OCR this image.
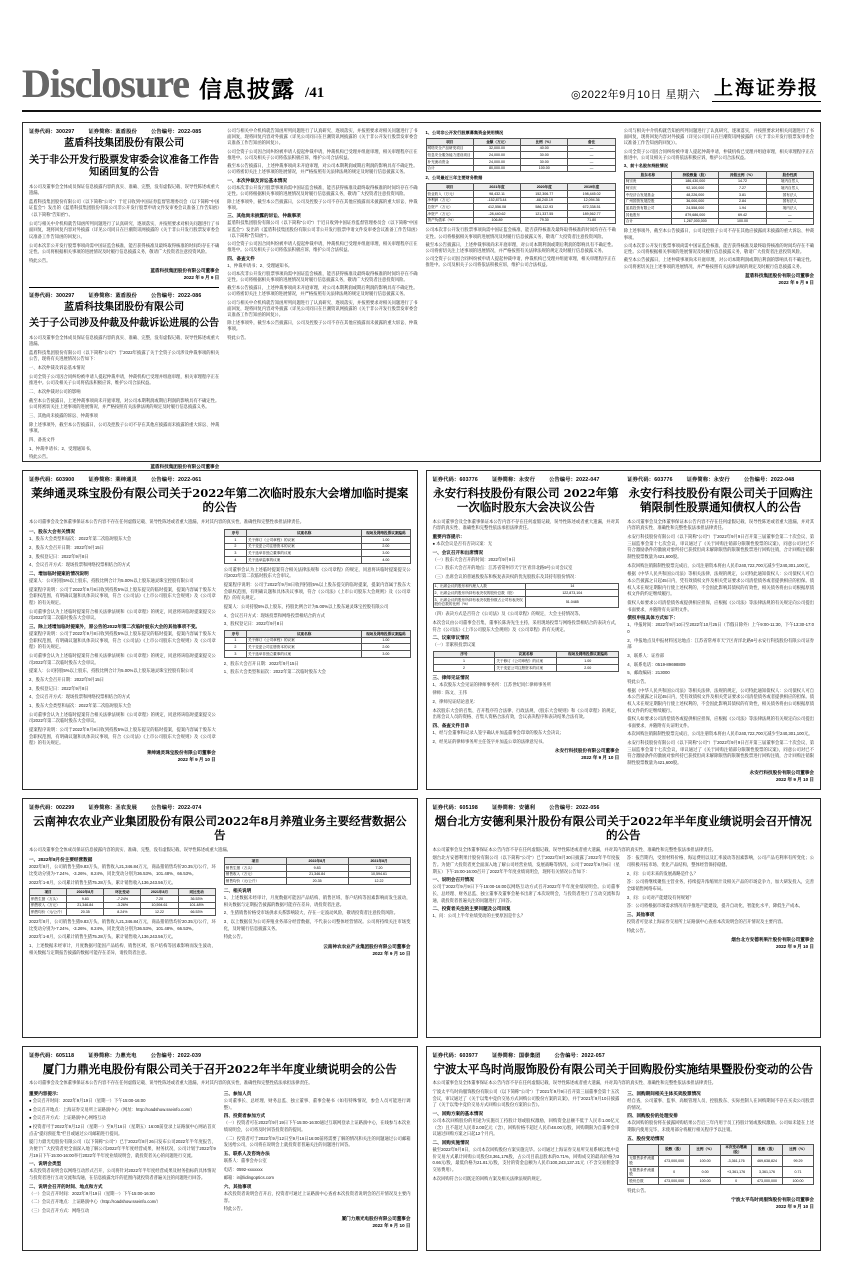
Disclosure 信息披露 /41	◎2022年9月10日 星期六 上海证券报
证券代码：300297	证券简称：蓝盾股份	公告编号：2022-085
蓝盾科技集团股份有限公司
关于非公开发行股票发审委会议准备工作告知函回复的公告

本公司及董事会全体成员保证信息披露内容的真实、准确、完整，没有虚假记载、误导性陈述或重大遗漏。

蓝盾科技集团股份有限公司（以下简称"公司"）于近日收到中国证券监督管理委员会（以下简称"中国证监会"）发出的《蓝盾科技集团股份有限公司非公开发行股票申请文件发审委会议准备工作告知函》（以下简称"告知函"）。

公司与相关中介机构就告知函所列问题进行了认真研究、逐项落实，并按照要求对相关问题进行了书面回复，现将回复内容对外披露（详见公司同日在巨潮资讯网披露的《关于非公开发行股票发审委会议准备工作告知函的回复》）。

公司本次非公开发行股票事项尚需中国证监会核准，能否获得核准及最终取得核准的时间均存在不确定性。公司将根据相关事项的进展情况及时履行信息披露义务，敬请广大投资者注意投资风险。

特此公告。

蓝盾科技集团股份有限公司董事会
2022 年 9 月 9 日
证券代码：300297	证券简称：蓝盾股份	公告编号：2022-086
蓝盾科技集团股份有限公司
关于子公司涉及仲裁及仲裁诉讼进展的公告

本公司及董事会全体成员保证信息披露内容的真实、准确、完整，没有虚假记载、误导性陈述或重大遗漏。

蓝盾科技集团股份有限公司（以下简称"公司"）于2022年披露了关于全资子公司涉及仲裁事项的相关公告，现将有关进展情况公告如下：

一、本次仲裁及诉讼基本情况

公司全资子公司因合同纠纷被申请人提起仲裁申请，仲裁机构已受理并组庭审理，相关审理程序正在推进中。公司及相关子公司将依法积极应诉，维护公司合法权益。

二、本次仲裁对公司的影响

截至本公告披露日，上述仲裁事项尚未开庭审理，对公司本期利润或期后利润的影响具有不确定性。公司将密切关注上述事项的进展情况，并严格按照有关法律法规的规定及时履行信息披露义务。

三、其他尚未披露的诉讼、仲裁事项

除上述事项外，截至本公告披露日，公司及控股子公司不存在其他应披露而未披露的重大诉讼、仲裁事项。

四、备查文件

1、仲裁申请书；2、受理通知书。

特此公告。

蓝盾科技集团股份有限公司董事会

公司与相关中介机构就告知函所列问题进行了认真研究、逐项落实，并按照要求对相关问题进行了书面回复，现将回复内容对外披露（详见公司同日在巨潮资讯网披露的《关于非公开发行股票发审委会议准备工作告知函的回复》）。

公司全资子公司因合同纠纷被申请人提起仲裁申请，仲裁机构已受理并组庭审理，相关审理程序正在推进中。公司及相关子公司将依法积极应诉，维护公司合法权益。

截至本公告披露日，上述仲裁事项尚未开庭审理，对公司本期利润或期后利润的影响具有不确定性。公司将密切关注上述事项的进展情况，并严格按照有关法律法规的规定及时履行信息披露义务。

一、本次仲裁及诉讼基本情况

公司本次非公开发行股票事项尚需中国证监会核准，能否获得核准及最终取得核准的时间均存在不确定性。公司将根据相关事项的进展情况及时履行信息披露义务，敬请广大投资者注意投资风险。

除上述事项外，截至本公告披露日，公司及控股子公司不存在其他应披露而未披露的重大诉讼、仲裁事项。

三、其他尚未披露的诉讼、仲裁事项

蓝盾科技集团股份有限公司（以下简称"公司"）于近日收到中国证券监督管理委员会（以下简称"中国证监会"）发出的《蓝盾科技集团股份有限公司非公开发行股票申请文件发审委会议准备工作告知函》（以下简称"告知函"）。

公司全资子公司因合同纠纷被申请人提起仲裁申请，仲裁机构已受理并组庭审理，相关审理程序正在推进中。公司及相关子公司将依法积极应诉，维护公司合法权益。

四、备查文件

1、仲裁申请书；2、受理通知书。

公司本次非公开发行股票事项尚需中国证监会核准，能否获得核准及最终取得核准的时间均存在不确定性。公司将根据相关事项的进展情况及时履行信息披露义务，敬请广大投资者注意投资风险。

截至本公告披露日，上述仲裁事项尚未开庭审理，对公司本期利润或期后利润的影响具有不确定性。公司将密切关注上述事项的进展情况，并严格按照有关法律法规的规定及时履行信息披露义务。

公司与相关中介机构就告知函所列问题进行了认真研究、逐项落实，并按照要求对相关问题进行了书面回复，现将回复内容对外披露（详见公司同日在巨潮资讯网披露的《关于非公开发行股票发审委会议准备工作告知函的回复》）。

除上述事项外，截至本公告披露日，公司及控股子公司不存在其他应披露而未披露的重大诉讼、仲裁事项。

特此公告。

1、公司非公开发行股票募集资金使用情况
项目	金额（万元）	比例（%）	备注
网络安全产品研发项目	32,000.00	40.00	—
信息安全服务能力建设项目	24,000.00	30.00	—
补充流动资金	24,000.00	30.00	—
合计	80,000.00	100.00	—
2、公司最近三年主要财务数据
项目	2021年度	2020年度	2019年度
营业收入（万元）	98,432.11	152,306.77	198,445.02
净利润（万元）	-152,873.44	-68,240.19	12,094.36
总资产（万元）	412,556.08	586,112.93	672,338.51
净资产（万元）	-28,440.62	121,337.55	189,562.77
资产负债率（%）	106.89	79.30	71.80

公司本次非公开发行股票事项尚需中国证监会核准，能否获得核准及最终取得核准的时间均存在不确定性。公司将根据相关事项的进展情况及时履行信息披露义务，敬请广大投资者注意投资风险。

截至本公告披露日，上述仲裁事项尚未开庭审理，对公司本期利润或期后利润的影响具有不确定性。公司将密切关注上述事项的进展情况，并严格按照有关法律法规的规定及时履行信息披露义务。

公司全资子公司因合同纠纷被申请人提起仲裁申请，仲裁机构已受理并组庭审理，相关审理程序正在推进中。公司及相关子公司将依法积极应诉，维护公司合法权益。

公司与相关中介机构就告知函所列问题进行了认真研究、逐项落实，并按照要求对相关问题进行了书面回复，现将回复内容对外披露（详见公司同日在巨潮资讯网披露的《关于非公开发行股票发审委会议准备工作告知函的回复》）。

公司全资子公司因合同纠纷被申请人提起仲裁申请，仲裁机构已受理并组庭审理，相关审理程序正在推进中。公司及相关子公司将依法积极应诉，维护公司合法权益。

3、前十名股东持股情况
股东名称	持股数量（股）	持股比例（%）	股份性质
柯宗贵	186,430,000	14.72	境内自然人
柯宗庆	92,100,000	7.27	境内自然人
中经济合发展基金	48,226,000	3.81	国有法人
广州国资发展控股	36,000,000	2.84	国有法人
蓝盾投资有限公司	24,558,000	1.94	境内法人
其他股东	879,686,000	69.42	—
合计	1,267,000,000	100.00	—

除上述事项外，截至本公告披露日，公司及控股子公司不存在其他应披露而未披露的重大诉讼、仲裁事项。

公司本次非公开发行股票事项尚需中国证监会核准，能否获得核准及最终取得核准的时间均存在不确定性。公司将根据相关事项的进展情况及时履行信息披露义务，敬请广大投资者注意投资风险。

截至本公告披露日，上述仲裁事项尚未开庭审理，对公司本期利润或期后利润的影响具有不确定性。公司将密切关注上述事项的进展情况，并严格按照有关法律法规的规定及时履行信息披露义务。

蓝盾科技集团股份有限公司董事会
2022 年 9 月 9 日
证券代码：603900	证券简称：莱绅通灵	公告编号：2022-061
莱绅通灵珠宝股份有限公司关于2022年第二次临时股东大会增加临时提案的公告

本公司董事会及全体董事保证本公告内容不存在任何虚假记载、误导性陈述或者重大遗漏，并对其内容的真实性、准确性和完整性承担法律责任。

一、股东大会有关情况

1、股东大会类型和届次：2022年第二次临时股东大会

2、股东大会召开日期：2022年9月15日

3、股权登记日：2022年9月8日

4、会议召开方式：现场投票和网络投票相结合的方式

二、增加临时提案的情况说明

提案人：公司持股5%以上股东，持股比例合计为5.00%以上股东通灵珠宝控股有限公司

提案程序说明：公司于2022年9月8日收到持股5%以上股东提交的临时提案，提案内容属于股东大会职权范围，有明确议题和具体决议事项，符合《公司法》《上市公司股东大会规则》及《公司章程》的有关规定。

公司董事会认为上述临时提案符合相关法律法规和《公司章程》的规定，同意将该临时提案提交公司2022年第二次临时股东大会审议。

三、除上述增加临时提案外，原公告的2022年第二次临时股东大会的其他事项不变。

提案程序说明：公司于2022年9月8日收到持股5%以上股东提交的临时提案，提案内容属于股东大会职权范围，有明确议题和具体决议事项，符合《公司法》《上市公司股东大会规则》及《公司章程》的有关规定。

公司董事会认为上述临时提案符合相关法律法规和《公司章程》的规定，同意将该临时提案提交公司2022年第二次临时股东大会审议。

提案人：公司持股5%以上股东，持股比例合计为5.00%以上股东通灵珠宝控股有限公司

2、股东大会召开日期：2022年9月15日

3、股权登记日：2022年9月8日

4、会议召开方式：现场投票和网络投票相结合的方式

1、股东大会类型和届次：2022年第二次临时股东大会

公司董事会认为上述临时提案符合相关法律法规和《公司章程》的规定，同意将该临时提案提交公司2022年第二次临时股东大会审议。

提案程序说明：公司于2022年9月8日收到持股5%以上股东提交的临时提案，提案内容属于股东大会职权范围，有明确议题和具体决议事项，符合《公司法》《上市公司股东大会规则》及《公司章程》的有关规定。

莱绅通灵珠宝股份有限公司董事会
2022 年 9 月 10 日
序号	议案名称	现场及网络投票议案编码
1	关于修订《公司章程》的议案	1.00
2	关于变更公司注册资本的议案	2.00
3	关于选举非独立董事的议案	3.00
4	关于选举监事的议案	4.00

公司董事会认为上述临时提案符合相关法律法规和《公司章程》的规定，同意将该临时提案提交公司2022年第二次临时股东大会审议。

提案程序说明：公司于2022年9月8日收到持股5%以上股东提交的临时提案，提案内容属于股东大会职权范围，有明确议题和具体决议事项，符合《公司法》《上市公司股东大会规则》及《公司章程》的有关规定。

提案人：公司持股5%以上股东，持股比例合计为5.00%以上股东通灵珠宝控股有限公司

4、会议召开方式：现场投票和网络投票相结合的方式

3、股权登记日：2022年9月8日

序号	议案名称	现场及网络投票议案编码
1	关于修订《公司章程》的议案	1.00
2	关于变更公司注册资本的议案	2.00
3	关于选举非独立董事的议案	3.00

2、股东大会召开日期：2022年9月15日

1、股东大会类型和届次：2022年第二次临时股东大会

证券代码：603776	证券简称：永安行	公告编号：2022-047
永安行科技股份有限公司 2022年第一次临时股东大会决议公告

本公司董事会及全体董事保证本公告内容不存在任何虚假记载、误导性陈述或者重大遗漏，并对其内容的真实性、准确性和完整性依法承担法律责任。

重要内容提示：

● 本次会议是否有否决议案：无

一、会议召开和出席情况

（一）股东大会召开的时间：2022年9月9日

（二）股东大会召开的地点：江苏省常州市天宁区青洋北路9号公司会议室

（三）出席会议的普通股股东和恢复表决权的优先股股东及其持有股份情况：

1、出席会议的股东和代理人人数	14
2、出席会议的股东所持有表决权的股份总数（股）	122,873,104
3、出席会议的股东所持有表决权股份数占公司有表决权股份总数的比例（%）	51.0485

（四）表决方式是否符合《公司法》及《公司章程》的规定，大会主持情况等。

本次会议由公司董事会召集，董事长陈涛先生主持，采用现场投票与网络投票相结合的表决方式，符合《公司法》《上市公司股东大会规则》及《公司章程》的有关规定。

二、议案审议情况

（一）非累积投票议案

序号	议案名称	现场及网络投票议案编码
1	关于修订《公司章程》的议案	1.00
2	关于变更公司注册资本的议案	2.00
三、律师见证情况

1、本次股东大会见证的律师事务所：江苏世纪同仁律师事务所

律师：陈文、王伟

2、律师见证结论意见：

本次股东大会的召集、召开程序符合法律、行政法规、《股东大会规则》和《公司章程》的规定，出席会议人员的资格、召集人资格合法有效，会议表决程序和表决结果合法有效。

四、备查文件目录

1、经与会董事和记录人签字确认并加盖董事会印章的股东大会决议；

2、经见证的律师事务所主任签字并加盖公章的法律意见书。

永安行科技股份有限公司董事会
2022 年 9 月 10 日
证券代码：603776	证券简称：永安行	公告编号：2022-048
永安行科技股份有限公司关于回购注销限制性股票通知债权人的公告

本公司董事会及全体董事保证本公告内容不存在任何虚假记载、误导性陈述或者重大遗漏，并对其内容的真实性、准确性和完整性依法承担法律责任。

永安行科技股份有限公司（以下简称"公司"）于2022年9月9日召开第三届董事会第二十次会议、第三届监事会第十七次会议，审议通过了《关于回购注销部分限制性股票的议案》，同意公司对已不符合激励条件的激励对象所持已获授但尚未解除限售的限制性股票进行回购注销，合计回购注销限制性股票数量为421,600股。

本次回购注销限制性股票完成后，公司注册资本将由人民币240,722,700元减少至240,301,100元。

根据《中华人民共和国公司法》等相关法律、法规的规定，公司特此通知债权人：公司债权人可自本公告披露之日起45日内，凭有效债权文件及相关凭证要求公司清偿债务或者提供相应的担保。债权人未在规定期限内行使上述权利的，不会因此影响其债权的有效性，相关债务将由公司根据原债权文件的约定继续履行。

债权人如要求公司清偿债务或提供相应担保，应根据《公司法》等法律法规的有关规定向公司提出书面要求，并随附有关证明文件。

债权申报具体方式如下：

1、申报时间：2022年9月10日至2022年10月25日（节假日除外）上午9:00-11:30，下午13:30-17:00

2、申报地点及申报材料送达地点：江苏省常州市天宁区青洋北路9号永安行科技股份有限公司证券部

3、联系人：证券部

4、联系电话：0519-89698809

5、邮政编码：213000

特此公告。

根据《中华人民共和国公司法》等相关法律、法规的规定，公司特此通知债权人：公司债权人可自本公告披露之日起45日内，凭有效债权文件及相关凭证要求公司清偿债务或者提供相应的担保。债权人未在规定期限内行使上述权利的，不会因此影响其债权的有效性，相关债务将由公司根据原债权文件的约定继续履行。

债权人如要求公司清偿债务或提供相应担保，应根据《公司法》等法律法规的有关规定向公司提出书面要求，并随附有关证明文件。

本次回购注销限制性股票完成后，公司注册资本将由人民币240,722,700元减少至240,301,100元。

永安行科技股份有限公司（以下简称"公司"）于2022年9月9日召开第三届董事会第二十次会议、第三届监事会第十七次会议，审议通过了《关于回购注销部分限制性股票的议案》，同意公司对已不符合激励条件的激励对象所持已获授但尚未解除限售的限制性股票进行回购注销，合计回购注销限制性股票数量为421,600股。

永安行科技股份有限公司董事会
2022 年 9 月 10 日
证券代码：002299	证券简称：圣农发展	公告编号：2022-074
云南神农农业产业集团股份有限公司2022年8月养殖业务主要经营数据公告

本公司及董事会全体成员保证信息披露内容的真实、准确、完整，没有虚假记载、误导性陈述或重大遗漏。

一、2022年8月份主要经营数据

2022年8月，公司销售生猪9.83万头，销售收入21,346.84万元，商品猪销售均价20.35元/公斤，环比变动分别为-7.24%、-3.26%、8.24%，同比变动分别为36.53%、101.48%、66.53%。

2022年1-8月，公司累计销售生猪75.28万头，累计销售收入136,243.56万元。

项目	2022年8月	环比变动	2021年8月	同比变动
销售生猪（万头）	9.83	-7.24%	7.20	36.53%
销售收入（万元）	21,346.84	-3.26%	10,594.61	101.48%
销售均价（元/公斤）	20.35	8.24%	12.22	66.53%

2022年8月，公司销售生猪9.83万头，销售收入21,346.84万元，商品猪销售均价20.35元/公斤，环比变动分别为-7.24%、-3.26%、8.24%，同比变动分别为36.53%、101.48%、66.53%。

2022年1-8月，公司累计销售生猪75.28万头，累计销售收入136,243.56万元。

1、上述数据未经审计，月度数据可能因产品结构、销售区域、客户结构等因素影响而发生波动，相关数据与定期报告披露的数据可能存在差异，请投资者注意。

项目	2022年8月	2021年8月
销售生猪（万头）	9.83	7.20
销售收入（万元）	21,346.84	10,594.61
销售均价（元/公斤）	20.35	12.22
二、相关说明

1、上述数据未经审计，月度数据可能因产品结构、销售区域、客户结构等因素影响而发生波动，相关数据与定期报告披露的数据可能存在差异，请投资者注意。

2、生猪销售价格受市场供求关系影响较大，存在一定波动风险，敬请投资者注意投资风险。

3、以上数据仅为公司养殖业务部分经营数据，不代表公司整体经营情况。公司将持续关注市场变化，及时履行信息披露义务。

特此公告。

云南神农农业产业集团股份有限公司董事会
2022 年 9 月 10 日
证券代码：605198	证券简称：安德利	公告编号：2022-056
烟台北方安德利果汁股份有限公司关于2022年半年度业绩说明会召开情况的公告

本公司董事会及全体董事保证本公告内容不存在任何虚假记载、误导性陈述或者重大遗漏，并对其内容的真实性、准确性和完整性依法承担法律责任。

烟台北方安德利果汁股份有限公司（以下简称"公司"）已于2022年8月30日披露了2022年半年度报告。为使广大投资者更全面深入地了解公司经营业绩、发展战略等情况，公司于2022年9月9日（星期五）下午15:00-16:00召开了2022年半年度业绩说明会，现将有关情况公告如下：

一、说明会召开情况

公司于2022年9月9日下午15:00-16:00以网络互动方式召开2022年半年度业绩说明会。公司董事长、总经理、财务总监、独立董事及董事会秘书出席了本次说明会，与投资者进行了互动交流和沟通，就投资者普遍关注的问题进行了回答。

二、投资者关注的主要问题及公司回复

1、问：公司上半年业绩变动的主要原因是什么？

答：报告期内，受原材料价格、海运费用以及汇率波动等因素影响，公司产品毛利率有所变化；公司积极开拓市场、优化产品结构，整体经营保持稳健。

2、问：公司未来的发展战略是什么？

答：公司将继续聚焦主营业务，持续提升浓缩果汁及相关产品的市场竞争力，加大研发投入，完善全球销售网络布局。

3、问：公司对产能建设有何规划？

答：公司将根据市场需求情况有序推进产能建设，提升自动化、智能化水平，降低生产成本。

三、其他事项

投资者可登录上海证券交易所上证路演中心查看本次说明会的召开情况及主要内容。

特此公告。

烟台北方安德利果汁股份有限公司董事会
2022 年 9 月 10 日
证券代码：605118	证券简称：力鼎光电	公告编号：2022-039
厦门力鼎光电股份有限公司关于召开2022年半年度业绩说明会的公告

本公司董事会及全体董事保证本公告内容不存在任何虚假记载、误导性陈述或者重大遗漏，并对其内容的真实性、准确性和完整性依法承担法律责任。

重要内容提示：

● 会议召开时间：2022年9月19日（星期一）下午15:00-16:00

● 会议召开地点：上海证券交易所上证路演中心（网址：http://roadshow.sseinfo.com/）

● 会议召开方式：上证路演中心网络互动

● 投资者可于2022年9月12日（星期一）至9月16日（星期五）16:00前登录上证路演中心网站首页点击"提问预征集"栏目或通过公司邮箱进行提问。

厦门力鼎光电股份有限公司（以下简称"公司"）已于2022年8月26日发布公司2022年半年度报告，为便于广大投资者更全面深入地了解公司2022年半年度经营成果、财务状况，公司计划于2022年9月19日下午15:00-16:00举行2022年半年度业绩说明会，就投资者关心的问题进行交流。

一、说明会类型

本次投资者说明会以网络互动形式召开，公司将针对2022年半年度经营成果及财务指标的具体情况与投资者进行互动交流和沟通，在信息披露允许的范围内就投资者普遍关注的问题进行回答。

二、说明会召开的时间、地点和方式

（一）会议召开时间：2022年9月19日（星期一）下午15:00-16:00

（二）会议召开地点：上证路演中心（http://roadshow.sseinfo.com/）

（三）会议召开方式：网络互动

三、参加人员

公司董事长、总经理、财务总监、独立董事、董事会秘书（如有特殊情况，参会人员可能进行调整）。

四、投资者参加方式

（一）投资者可在2022年9月19日下午15:00-16:00通过互联网登录上证路演中心，在线参与本次业绩说明会，公司将及时回答投资者的提问。

（二）投资者可于2022年9月12日至9月16日16:00前将需要了解的情况和关注的问题通过公司邮箱发送给公司，公司将在说明会上就投资者普遍关注的问题进行回答。

五、联系人及咨询办法

联系人：董事会办公室

电话：0592-xxxxxxx

邮箱：ir@lidingoptics.com

六、其他事项

本次投资者说明会召开后，投资者可通过上证路演中心查看本次投资者说明会的召开情况及主要内容。

特此公告。

厦门力鼎光电股份有限公司董事会
2022 年 9 月 10 日
证券代码：603977	证券简称：国泰集团	公告编号：2022-057
宁波太平鸟时尚服饰股份有限公司关于回购股份实施结果暨股份变动的公告

本公司董事会及全体董事保证本公告内容不存在任何虚假记载、误导性陈述或者重大遗漏，并对其内容的真实性、准确性和完整性依法承担法律责任。

宁波太平鸟时尚服饰股份有限公司（以下简称"公司"）于2021年9月9日召开第三届董事会第十五次会议，审议通过了《关于以集中竞价交易方式回购公司股份方案的议案》，并于2021年9月10日披露了《关于以集中竞价交易方式回购公司股份方案的公告》。

一、回购方案的基本情况

公司本次回购股份的用途为实施员工持股计划或股权激励，回购资金总额不低于人民币1.00亿元（含）且不超过人民币2.00亿元（含），回购价格不超过人民币48.00元/股，回购期限为自董事会审议通过回购方案之日起12个月内。

二、回购实施情况

截至2022年9月8日，公司本次回购股份方案实施完毕。公司通过上海证券交易所交易系统以集中竞价交易方式累计回购公司股份3,361,176股，占公司目前总股本的0.71%，回购成交的最高价格为30.66元/股，最低价格为21.81元/股，支付的资金总额为人民币100,243,137.21元（不含交易佣金等交易费用）。

本次回购符合公司既定的回购方案及相关法律法规的规定。

三、回购期间相关主体买卖股票情况

经自查，公司董事、监事、高级管理人员、控股股东、实际控制人在回购期间不存在买卖公司股票的情况。

四、回购股份的处理安排

本次回购的股份将在披露回购结果公告后三年内用于员工持股计划或股权激励。公司如未能在上述期限内使用完毕，未使用部分将履行相关程序予以注销。

五、股份变动情况
	股数（股）	比例（%）	本次变动增减（股）	股数（股）	比例（%）
无限售条件流通股	473,000,000	100.00	-3,361,176	469,638,824	99.29
有限售条件流通股	0	0.00	+3,361,176	3,361,176	0.71
股份总数	473,000,000	100.00	0	473,000,000	100.00

特此公告。

宁波太平鸟时尚服饰股份有限公司董事会
2022 年 9 月 10 日
